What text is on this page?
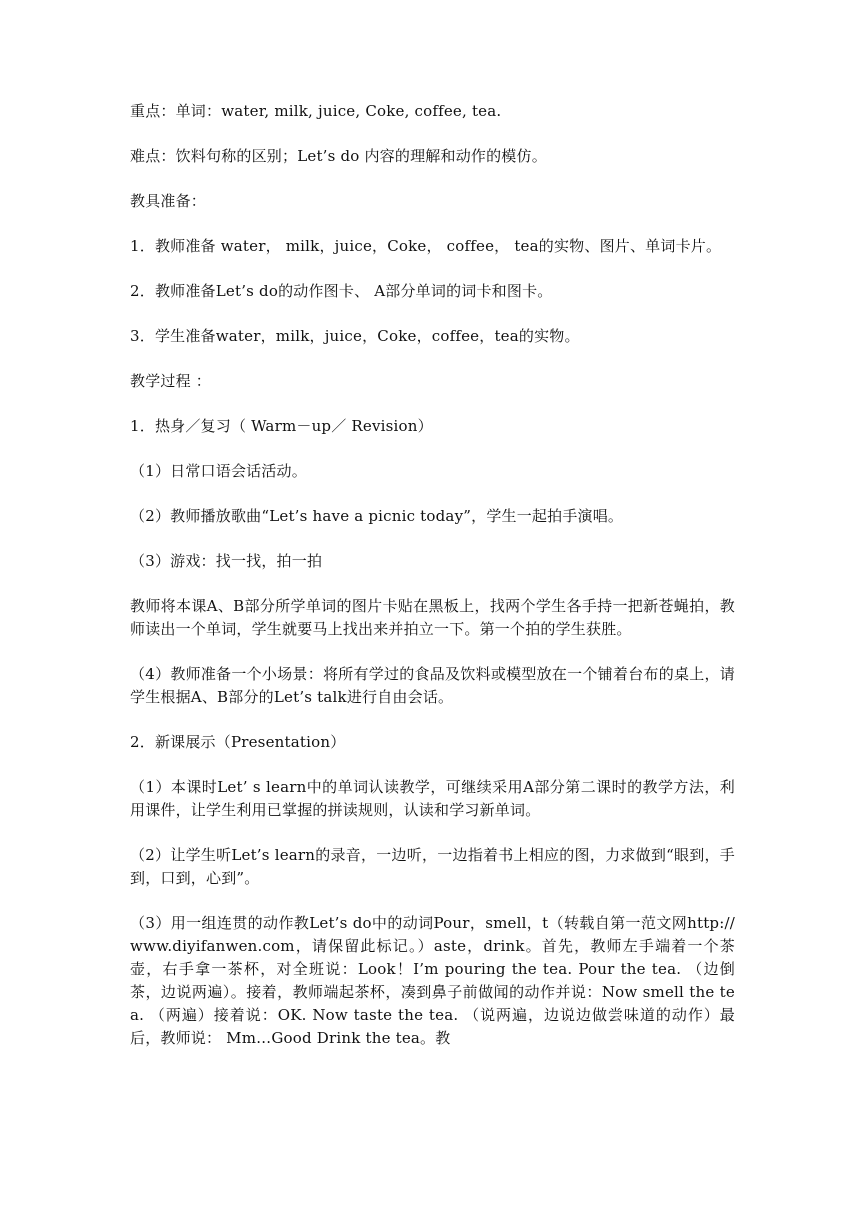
重点：单词：water, milk, juice, Coke, coffee, tea.

难点：饮料句称的区别；Let’s do 内容的理解和动作的模仿。

教具准备：

1．教师准备 water， milk，juice，Coke， coffee， tea的实物、图片、单词卡片。

2．教师准备Let’s do的动作图卡、 A部分单词的词卡和图卡。

3．学生准备water，milk，juice，Coke，coffee，tea的实物。

教学过程 ：

1．热身／复习（ Warm－up／ Revision）

（1）日常口语会话活动。

（2）教师播放歌曲“Let’s have a picnic today”，学生一起拍手演唱。

（3）游戏：找一找，拍一拍

教师将本课A、B部分所学单词的图片卡贴在黑板上，找两个学生各手持一把新苍蝇拍，教师读出一个单词，学生就要马上找出来并拍立一下。第一个拍的学生获胜。

（4）教师准备一个小场景：将所有学过的食品及饮料或模型放在一个铺着台布的桌上，请学生根据A、B部分的Let’s talk进行自由会话。

2．新课展示（Presentation）

（1）本课时Let’ s learn中的单词认读教学，可继续采用A部分第二课时的教学方法，利用课件，让学生利用已掌握的拼读规则，认读和学习新单词。

（2）让学生听Let’s learn的录音，一边听，一边指着书上相应的图，力求做到“眼到，手到，口到，心到”。

（3）用一组连贯的动作教Let’s do中的动词Pour，smell，t（转载自第一范文网http://www.diyifanwen.com，请保留此标记。）aste，drink。首先，教师左手端着一个茶壶，右手拿一茶杯，对全班说：Look！I’m pouring the tea. Pour the tea. （边倒茶，边说两遍）。接着，教师端起茶杯，凑到鼻子前做闻的动作并说：Now smell the tea. （两遍）接着说：OK. Now taste the tea. （说两遍，边说边做尝味道的动作）最后，教师说： Mm…Good Drink the tea。教
